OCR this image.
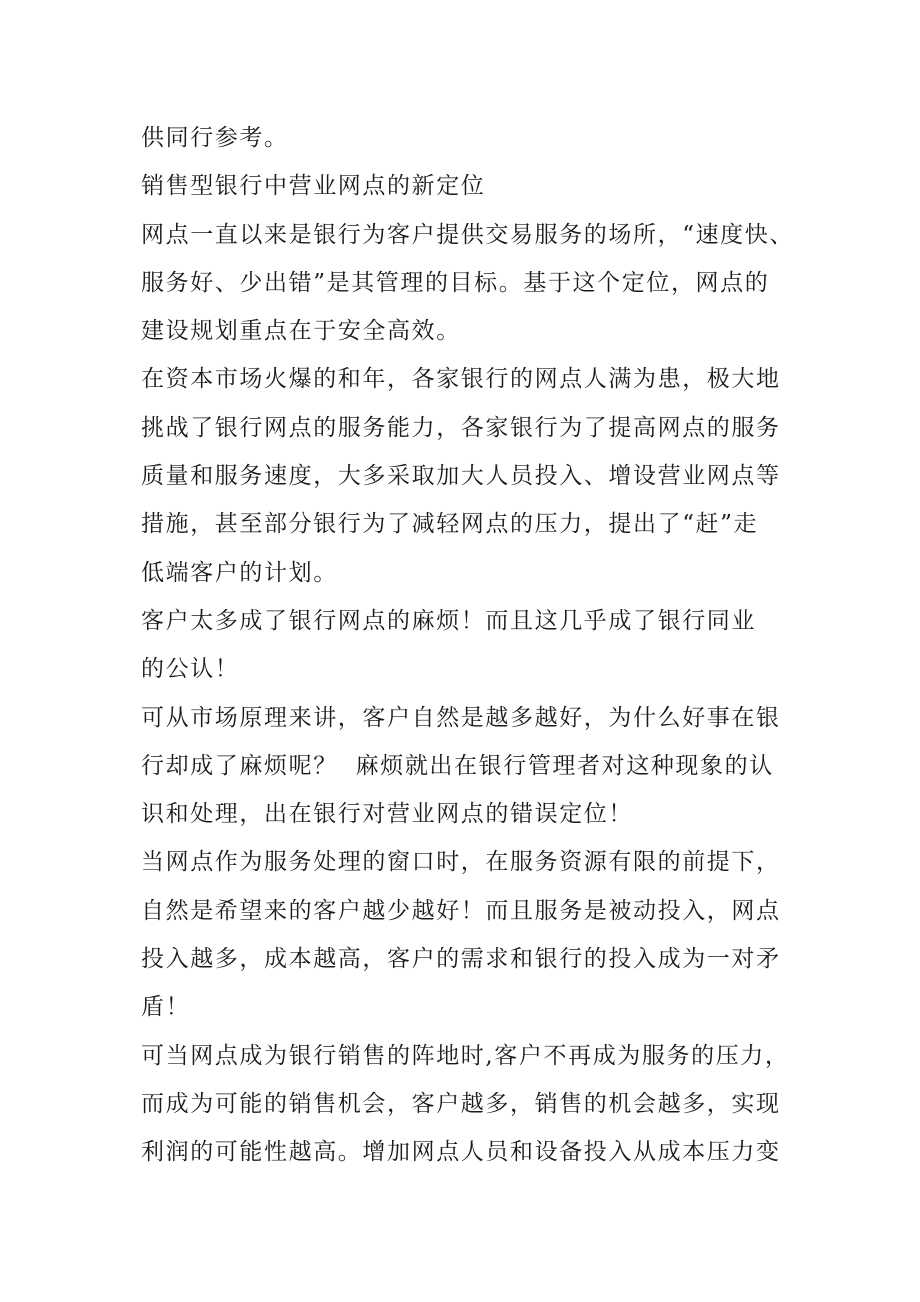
供同行参考。
销售型银行中营业网点的新定位
网点一直以来是银行为客户提供交易服务的场所，“速度快、
服务好、少出错”是其管理的目标。基于这个定位，网点的
建设规划重点在于安全高效。
在资本市场火爆的和年，各家银行的网点人满为患，极大地
挑战了银行网点的服务能力，各家银行为了提高网点的服务
质量和服务速度，大多采取加大人员投入、增设营业网点等
措施，甚至部分银行为了减轻网点的压力，提出了“赶”走
低端客户的计划。
客户太多成了银行网点的麻烦！而且这几乎成了银行同业
的公认！
可从市场原理来讲，客户自然是越多越好，为什么好事在银
行却成了麻烦呢？  麻烦就出在银行管理者对这种现象的认
识和处理，出在银行对营业网点的错误定位！
当网点作为服务处理的窗口时，在服务资源有限的前提下，
自然是希望来的客户越少越好！而且服务是被动投入，网点
投入越多，成本越高，客户的需求和银行的投入成为一对矛
盾！
可当网点成为银行销售的阵地时,客户不再成为服务的压力，
而成为可能的销售机会，客户越多，销售的机会越多，实现
利润的可能性越高。增加网点人员和设备投入从成本压力变
